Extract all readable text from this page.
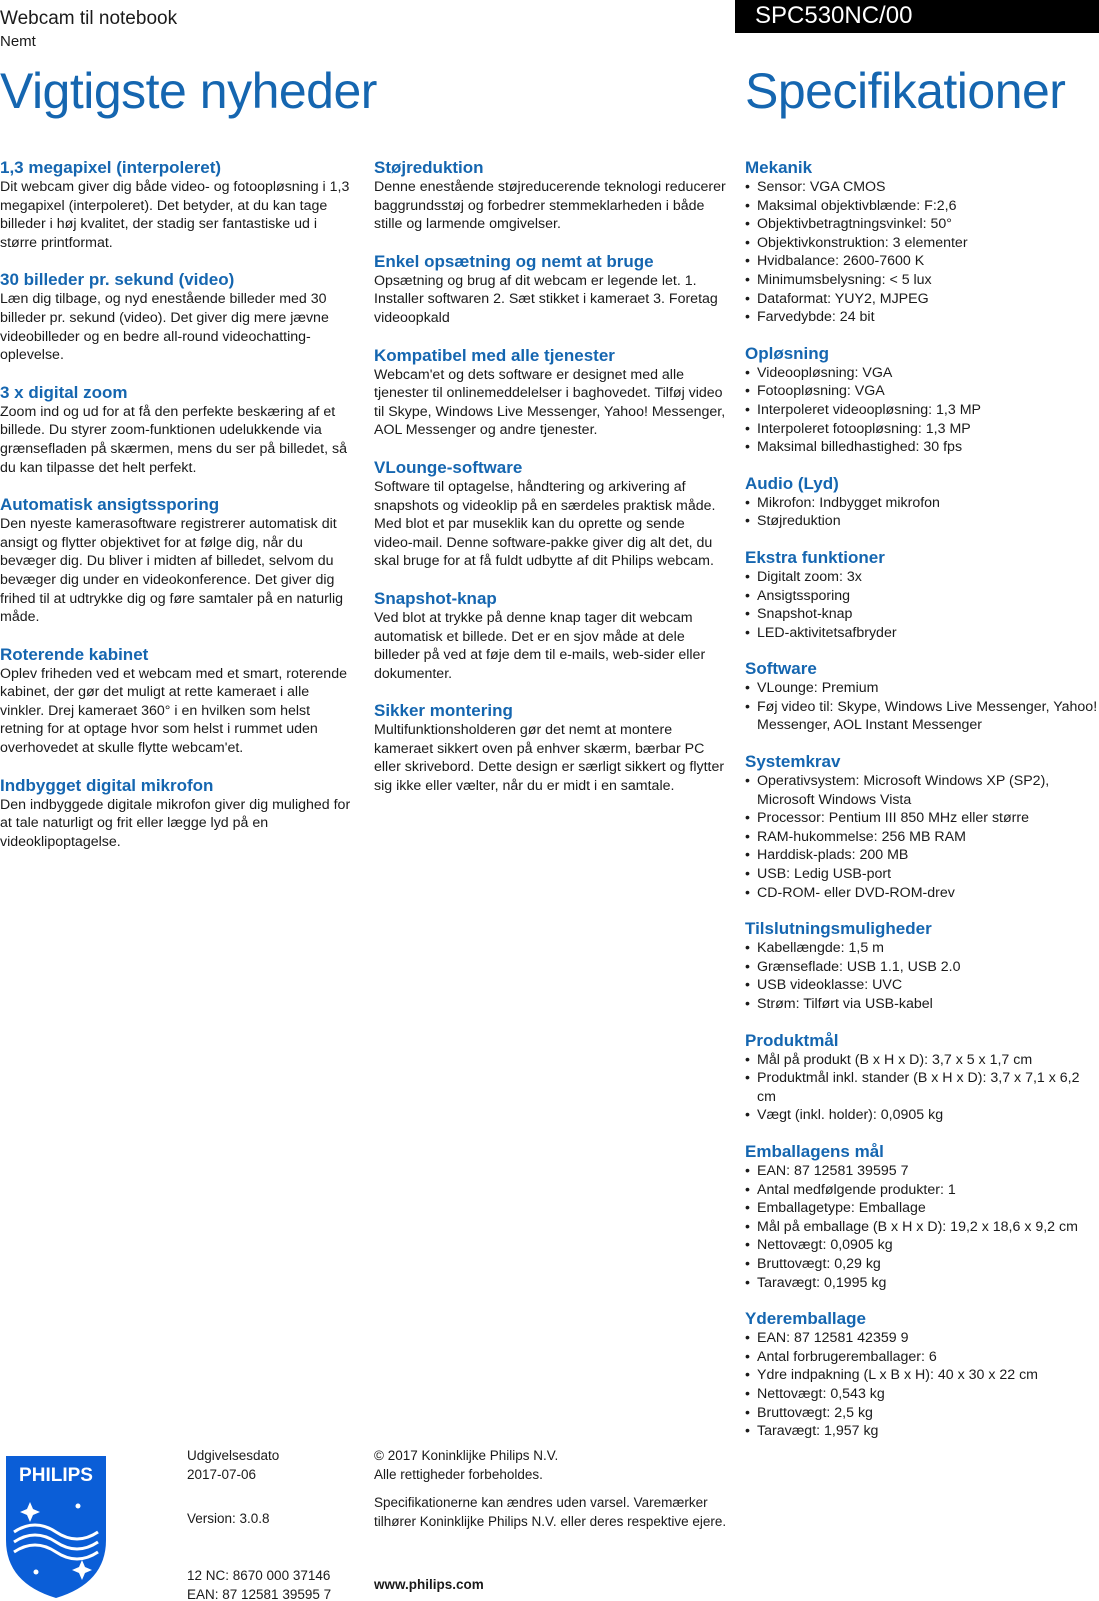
Webcam til notebook
Nemt
SPC530NC/00
Vigtigste nyheder	Specifikationer
1,3 megapixel (interpoleret)
Dit webcam giver dig både video- og fotoopløsning i 1,3 megapixel (interpoleret). Det betyder, at du kan tage billeder i høj kvalitet, der stadig ser fantastiske ud i større printformat.
30 billeder pr. sekund (video)
Læn dig tilbage, og nyd enestående billeder med 30 billeder pr. sekund (video). Det giver dig mere jævne videobilleder og en bedre all-round videochatting-oplevelse.
3 x digital zoom
Zoom ind og ud for at få den perfekte beskæring af et billede. Du styrer zoom-funktionen udelukkende via grænsefladen på skærmen, mens du ser på billedet, så du kan tilpasse det helt perfekt.
Automatisk ansigtssporing
Den nyeste kamerasoftware registrerer automatisk dit ansigt og flytter objektivet for at følge dig, når du bevæger dig. Du bliver i midten af billedet, selvom du bevæger dig under en videokonference. Det giver dig frihed til at udtrykke dig og føre samtaler på en naturlig måde.
Roterende kabinet
Oplev friheden ved et webcam med et smart, roterende kabinet, der gør det muligt at rette kameraet i alle vinkler. Drej kameraet 360° i en hvilken som helst retning for at optage hvor som helst i rummet uden overhovedet at skulle flytte webcam'et.
Indbygget digital mikrofon
Den indbyggede digitale mikrofon giver dig mulighed for at tale naturligt og frit eller lægge lyd på en videoklipoptagelse.
Støjreduktion
Denne enestående støjreducerende teknologi reducerer baggrundsstøj og forbedrer stemmeklarheden i både stille og larmende omgivelser.
Enkel opsætning og nemt at bruge
Opsætning og brug af dit webcam er legende let. 1. Installer softwaren 2. Sæt stikket i kameraet 3. Foretag videoopkald
Kompatibel med alle tjenester
Webcam'et og dets software er designet med alle tjenester til onlinemeddelelser i baghovedet. Tilføj video til Skype, Windows Live Messenger, Yahoo! Messenger, AOL Messenger og andre tjenester.
VLounge-software
Software til optagelse, håndtering og arkivering af snapshots og videoklip på en særdeles praktisk måde. Med blot et par museklik kan du oprette og sende video-mail. Denne software-pakke giver dig alt det, du skal bruge for at få fuldt udbytte af dit Philips webcam.
Snapshot-knap
Ved blot at trykke på denne knap tager dit webcam automatisk et billede. Det er en sjov måde at dele billeder på ved at føje dem til e-mails, web-sider eller dokumenter.
Sikker montering
Multifunktionsholderen gør det nemt at montere kameraet sikkert oven på enhver skærm, bærbar PC eller skrivebord. Dette design er særligt sikkert og flytter sig ikke eller vælter, når du er midt i en samtale.
Mekanik
• Sensor: VGA CMOS
• Maksimal objektivblænde: F:2,6
• Objektivbetragtningsvinkel: 50°
• Objektivkonstruktion: 3 elementer
• Hvidbalance: 2600-7600 K
• Minimumsbelysning: < 5 lux
• Dataformat: YUY2, MJPEG
• Farvedybde: 24 bit
Opløsning
• Videoopløsning: VGA
• Fotoopløsning: VGA
• Interpoleret videoopløsning: 1,3 MP
• Interpoleret fotoopløsning: 1,3 MP
• Maksimal billedhastighed: 30 fps
Audio (Lyd)
• Mikrofon: Indbygget mikrofon
• Støjreduktion
Ekstra funktioner
• Digitalt zoom: 3x
• Ansigtssporing
• Snapshot-knap
• LED-aktivitetsafbryder
Software
• VLounge: Premium
• Føj video til: Skype, Windows Live Messenger, Yahoo! Messenger, AOL Instant Messenger
Systemkrav
• Operativsystem: Microsoft Windows XP (SP2), Microsoft Windows Vista
• Processor: Pentium III 850 MHz eller større
• RAM-hukommelse: 256 MB RAM
• Harddisk-plads: 200 MB
• USB: Ledig USB-port
• CD-ROM- eller DVD-ROM-drev
Tilslutningsmuligheder
• Kabellængde: 1,5 m
• Grænseflade: USB 1.1, USB 2.0
• USB videoklasse: UVC
• Strøm: Tilført via USB-kabel
Produktmål
• Mål på produkt (B x H x D): 3,7 x 5 x 1,7 cm
• Produktmål inkl. stander (B x H x D): 3,7 x 7,1 x 6,2 cm
• Vægt (inkl. holder): 0,0905 kg
Emballagens mål
• EAN: 87 12581 39595 7
• Antal medfølgende produkter: 1
• Emballagetype: Emballage
• Mål på emballage (B x H x D): 19,2 x 18,6 x 9,2 cm
• Nettovægt: 0,0905 kg
• Bruttovægt: 0,29 kg
• Taravægt: 0,1995 kg
Yderemballage
• EAN: 87 12581 42359 9
• Antal forbrugeremballager: 6
• Ydre indpakning (L x B x H): 40 x 30 x 22 cm
• Nettovægt: 0,543 kg
• Bruttovægt: 2,5 kg
• Taravægt: 1,957 kg
PHILIPS
Udgivelsesdato
2017-07-06
Version: 3.0.8
12 NC: 8670 000 37146
EAN: 87 12581 39595 7
© 2017 Koninklijke Philips N.V.
Alle rettigheder forbeholdes.
Specifikationerne kan ændres uden varsel. Varemærker tilhører Koninklijke Philips N.V. eller deres respektive ejere.
www.philips.com
